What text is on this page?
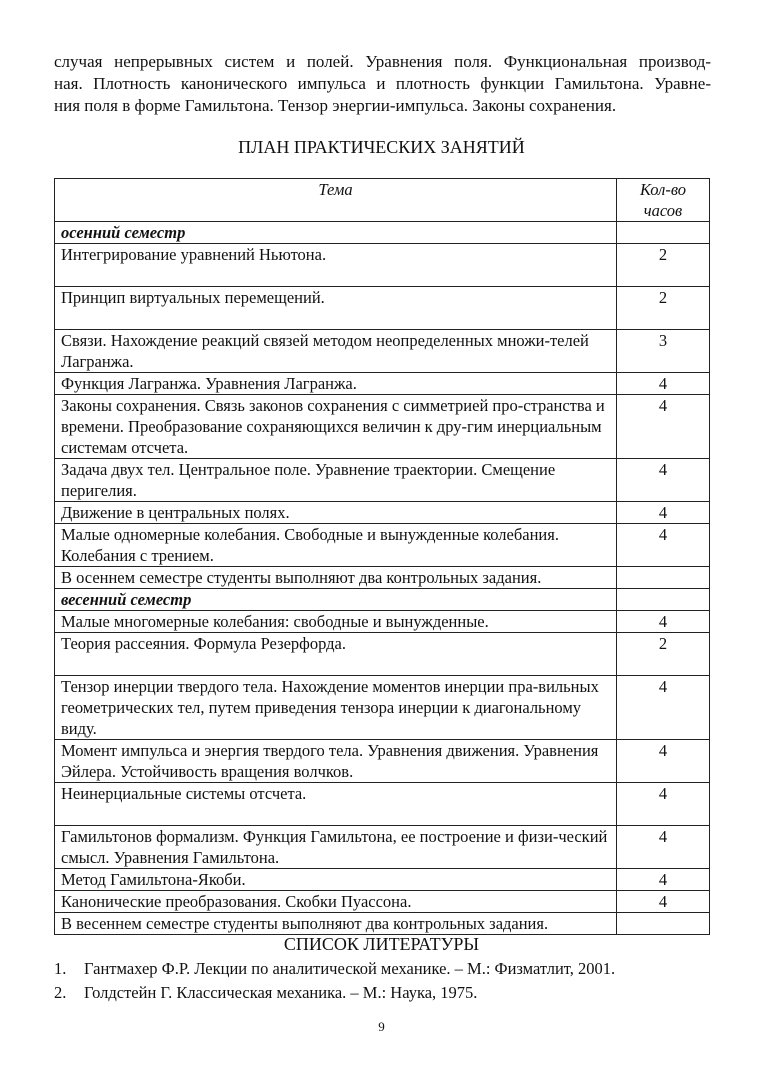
случая непрерывных систем и полей. Уравнения поля. Функциональная производ-
ная. Плотность канонического импульса и плотность функции Гамильтона. Уравне-
ния поля в форме Гамильтона. Тензор энергии-импульса. Законы сохранения.
ПЛАН ПРАКТИЧЕСКИХ ЗАНЯТИЙ
Тема	Кол-во
часов
осенний семестр	
Интегрирование уравнений Ньютона.	2
Принцип виртуальных перемещений.	2
Связи. Нахождение реакций связей методом неопределенных множи-телей Лагранжа.	3
Функция Лагранжа. Уравнения Лагранжа.	4
Законы сохранения. Связь законов сохранения с симметрией про-странства и времени. Преобразование сохраняющихся величин к дру-гим инерциальным системам отсчета.	4
Задача двух тел. Центральное поле. Уравнение траектории. Смещение перигелия.	4
Движение в центральных полях.	4
Малые одномерные колебания. Свободные и вынужденные колебания. Колебания с трением.	4
В осеннем семестре студенты выполняют два контрольных задания.	
весенний семестр	
Малые многомерные колебания: свободные и вынужденные.	4
Теория рассеяния. Формула Резерфорда.	2
Тензор инерции твердого тела. Нахождение моментов инерции пра-вильных геометрических тел, путем приведения тензора инерции к диагональному виду.	4
Момент импульса и энергия твердого тела. Уравнения движения. Уравнения Эйлера. Устойчивость вращения волчков.	4
Неинерциальные системы отсчета.	4
Гамильтонов формализм. Функция Гамильтона, ее построение и физи-ческий смысл. Уравнения Гамильтона.	4
Метод Гамильтона-Якоби.	4
Канонические преобразования. Скобки Пуассона.	4
В весеннем семестре студенты выполняют два контрольных задания.	
СПИСОК ЛИТЕРАТУРЫ
1. Гантмахер Ф.Р. Лекции по аналитической механике. – М.: Физматлит, 2001.
2. Голдстейн Г. Классическая механика. – М.: Наука, 1975.
9
